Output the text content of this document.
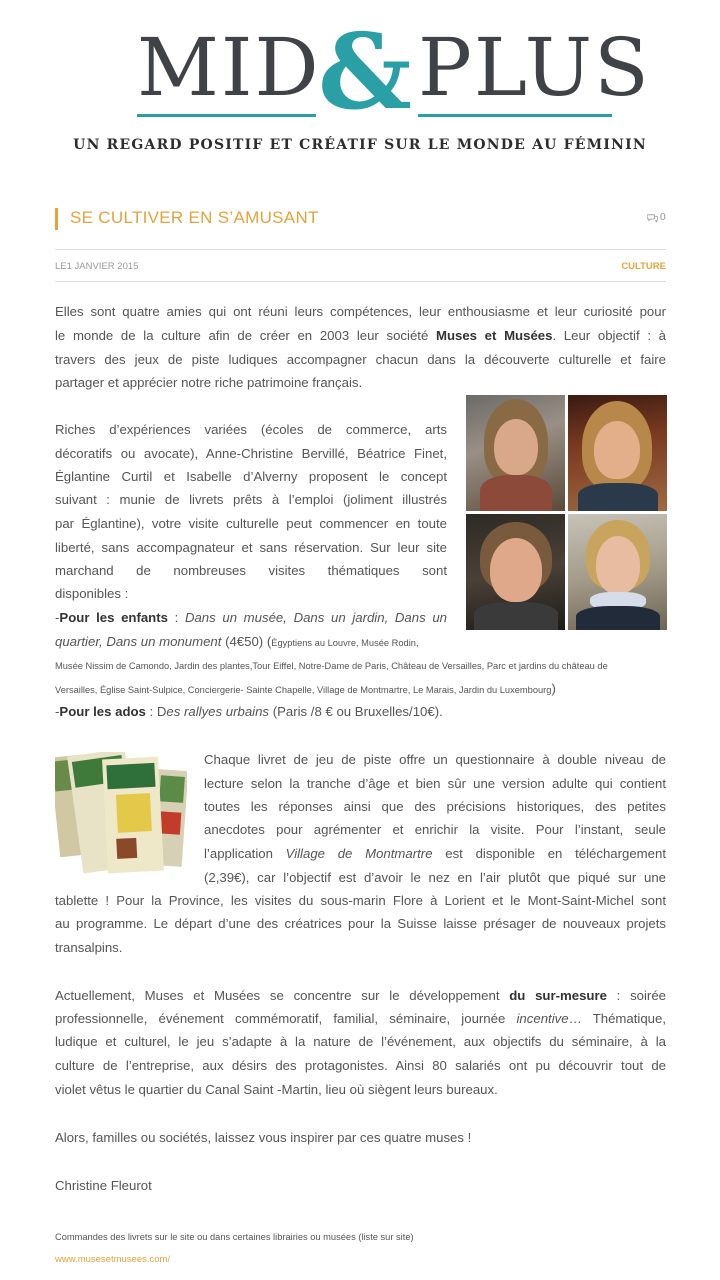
MID
& PLUS
UN REGARD POSITIF ET CRÉATIF SUR LE MONDE AU FÉMININ
SE CULTIVER EN S’AMUSANT	0
LE1 JANVIER 2015	CULTURE
Elles sont quatre amies qui ont réuni leurs compétences, leur enthousiasme et leur curiosité pour
le monde de la culture afin de créer en 2003 leur société Muses et Musées. Leur objectif : à
travers des jeux de piste ludiques accompagner chacun dans la découverte culturelle et faire
partager et apprécier notre riche patrimoine français.
Riches d’expériences variées (écoles de commerce, arts
décoratifs ou avocate), Anne-Christine Bervillé, Béatrice Finet,
Églantine Curtil et Isabelle d’Alverny proposent le concept
suivant : munie de livrets prêts à l’emploi (joliment illustrés
par Églantine), votre visite culturelle peut commencer en toute
liberté, sans accompagnateur et sans réservation. Sur leur site
marchand de nombreuses visites thématiques sont
disponibles :
-Pour les enfants : Dans un musée, Dans un jardin, Dans un
quartier, Dans un monument (4€50) (Égyptiens au Louvre, Musée Rodin,
Musée Nissim de Camondo, Jardin des plantes,Tour Eiffel, Notre-Dame de Paris, Château de Versailles, Parc et jardins du château de
Versailles, Église Saint-Sulpice, Conciergerie- Sainte Chapelle, Village de Montmartre, Le Marais, Jardin du Luxembourg)
-Pour les ados : Des rallyes urbains (Paris /8 € ou Bruxelles/10€).
Chaque livret de jeu de piste offre un questionnaire à double niveau de
lecture selon la tranche d’âge et bien sûr une version adulte qui contient
toutes les réponses ainsi que des précisions historiques, des petites
anecdotes pour agrémenter et enrichir la visite. Pour l’instant, seule
l’application Village de Montmartre est disponible en téléchargement
(2,39€), car l’objectif est d’avoir le nez en l’air plutôt que piqué sur une
tablette ! Pour la Province, les visites du sous-marin Flore à Lorient et le Mont-Saint-Michel sont
au programme. Le départ d’une des créatrices pour la Suisse laisse présager de nouveaux projets
transalpins.
Actuellement, Muses et Musées se concentre sur le développement du sur-mesure : soirée
professionnelle, événement commémoratif, familial, séminaire, journée incentive… Thématique,
ludique et culturel, le jeu s’adapte à la nature de l’événement, aux objectifs du séminaire, à la
culture de l’entreprise, aux désirs des protagonistes. Ainsi 80 salariés ont pu découvrir tout de
violet vêtus le quartier du Canal Saint -Martin, lieu où siègent leurs bureaux.
Alors, familles ou sociétés, laissez vous inspirer par ces quatre muses !
Christine Fleurot
Commandes des livrets sur le site ou dans certaines librairies ou musées (liste sur site)
www.musesetmusees.com/
